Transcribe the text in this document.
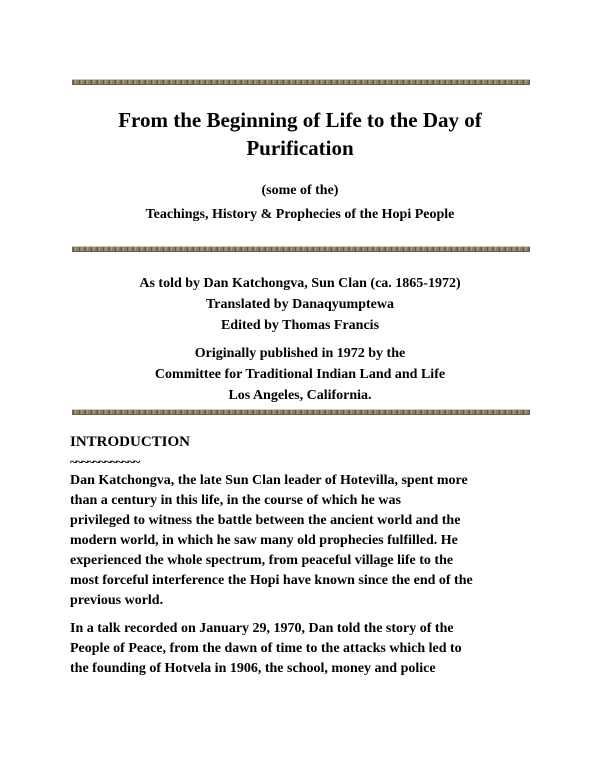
From the Beginning of Life to the Day of
Purification
(some of the)
Teachings, History & Prophecies of the Hopi People
As told by Dan Katchongva, Sun Clan (ca. 1865-1972)
Translated by Danaqyumptewa
Edited by Thomas Francis
Originally published in 1972 by the
Committee for Traditional Indian Land and Life
Los Angeles, California.
INTRODUCTION
~~~~~~~~~~~~

Dan Katchongva, the late Sun Clan leader of Hotevilla, spent more

than a century in this life, in the course of which he was

privileged to witness the battle between the ancient world and the

modern world, in which he saw many old prophecies fulfilled. He

experienced the whole spectrum, from peaceful village life to the

most forceful interference the Hopi have known since the end of the

previous world.

In a talk recorded on January 29, 1970, Dan told the story of the

People of Peace, from the dawn of time to the attacks which led to

the founding of Hotvela in 1906, the school, money and police
